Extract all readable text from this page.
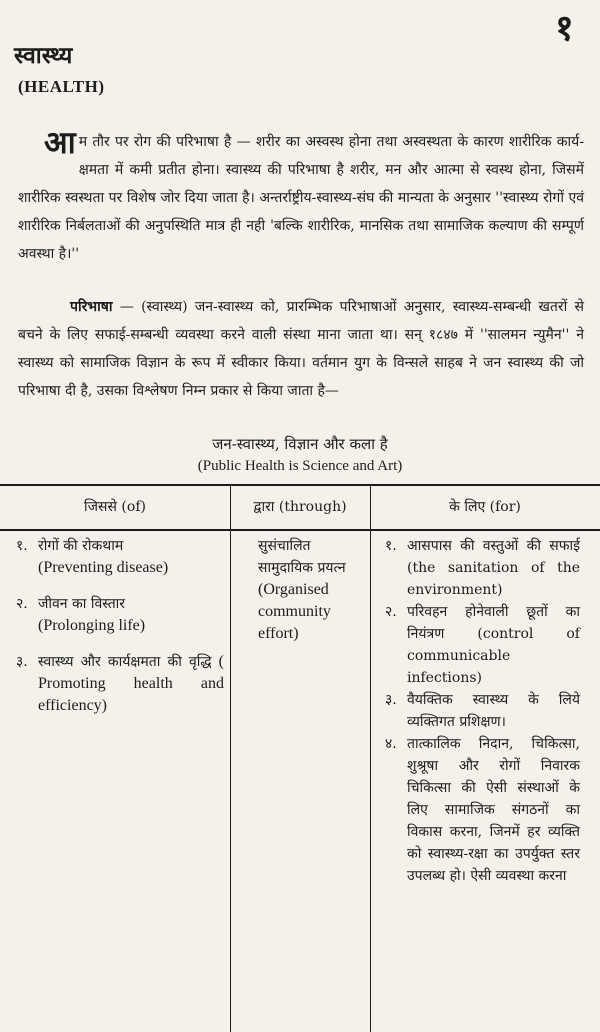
१
स्वास्थ्य
(HEALTH)
आम तौर पर रोग की परिभाषा है — शरीर का अस्वस्थ होना तथा अस्वस्थता के कारण शारीरिक कार्य-क्षमता में कमी प्रतीत होना। स्वास्थ्य की परिभाषा है शरीर, मन और आत्मा से स्वस्थ होना, जिसमें शारीरिक स्वस्थता पर विशेष जोर दिया जाता है। अन्तर्राष्ट्रीय-स्वास्थ्य-संघ की मान्यता के अनुसार ''स्वास्थ्य रोगों एवं शारीरिक निर्बलताओं की अनुपस्थिति मात्र ही नही 'बल्कि शारीरिक, मानसिक तथा सामाजिक कल्याण की सम्पूर्ण अवस्था है।''
परिभाषा — (स्वास्थ्य) जन-स्वास्थ्य को, प्रारम्भिक परिभाषाओं अनुसार, स्वास्थ्य-सम्बन्धी खतरों से बचने के लिए सफाई-सम्बन्धी व्यवस्था करने वाली संस्था माना जाता था। सन् १८४७ में ''सालमन न्युमैन'' ने स्वास्थ्य को सामाजिक विज्ञान के रूप में स्वीकार किया। वर्तमान युग के विन्सले साहब ने जन स्वास्थ्य की जो परिभाषा दी है, उसका विश्लेषण निम्न प्रकार से किया जाता है—
जन-स्वास्थ्य, विज्ञान और कला है
(Public Health is Science and Art)
जिससे (of)	द्वारा (through)	के लिए (for)
१. रोगों की रोकथाम
(Preventing disease)
२. जीवन का विस्तार
(Prolonging life)
३. स्वास्थ्य और कार्यक्षमता की वृद्धि ( Promoting health and efficiency)
सुसंचालित सामुदायिक प्रयत्न
(Organised community effort)
१. आसपास की वस्तुओं की सफाई (the sanitation of the environment)
२. परिवहन होनेवाली छूतों का नियंत्रण (control of communicable infections)
३. वैयक्तिक स्वास्थ्य के लिये व्यक्तिगत प्रशिक्षण।
४. तात्कालिक निदान, चिकित्सा, शुश्रूषा और रोगों निवारक चिकित्सा की ऐसी संस्थाओं के लिए सामाजिक संगठनों का विकास करना, जिनमें हर व्यक्ति को स्वास्थ्य-रक्षा का उपर्युक्त स्तर उपलब्ध हो। ऐसी व्यवस्था करना
